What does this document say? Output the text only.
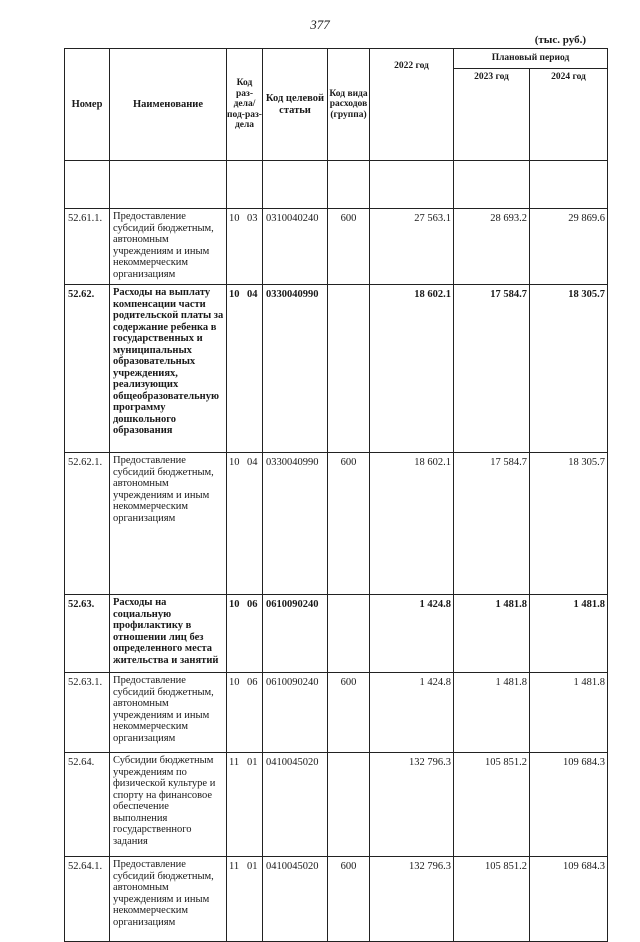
377
(тыс. руб.)
Номер	Наименование	Код раз-дела/ под-раз-дела	Код целевой статьи	Код вида расходов (группа)	2022 год	Плановый период	
						2023 год	2024 год

52.61.1.	Предоставление субсидий бюджетным, автономным учреждениям и иным некоммерческим организациям	10 03	0310040240	600	27 563.1	28 693.2	29 869.6
52.62.	Расходы на выплату компенсации части родительской платы за содержание ребенка в государственных и муниципальных образовательных учреждениях, реализующих общеобразовательную программу дошкольного образования	10 04	0330040990		18 602.1	17 584.7	18 305.7
52.62.1.	Предоставление субсидий бюджетным, автономным учреждениям и иным некоммерческим организациям	10 04	0330040990	600	18 602.1	17 584.7	18 305.7
52.63.	Расходы на социальную профилактику в отношении лиц без определенного места жительства и занятий	10 06	0610090240		1 424.8	1 481.8	1 481.8
52.63.1.	Предоставление субсидий бюджетным, автономным учреждениям и иным некоммерческим организациям	10 06	0610090240	600	1 424.8	1 481.8	1 481.8
52.64.	Субсидии бюджетным учреждениям по физической культуре и спорту на финансовое обеспечение выполнения государственного задания	11 01	0410045020		132 796.3	105 851.2	109 684.3
52.64.1.	Предоставление субсидий бюджетным, автономным учреждениям и иным некоммерческим организациям	11 01	0410045020	600	132 796.3	105 851.2	109 684.3
